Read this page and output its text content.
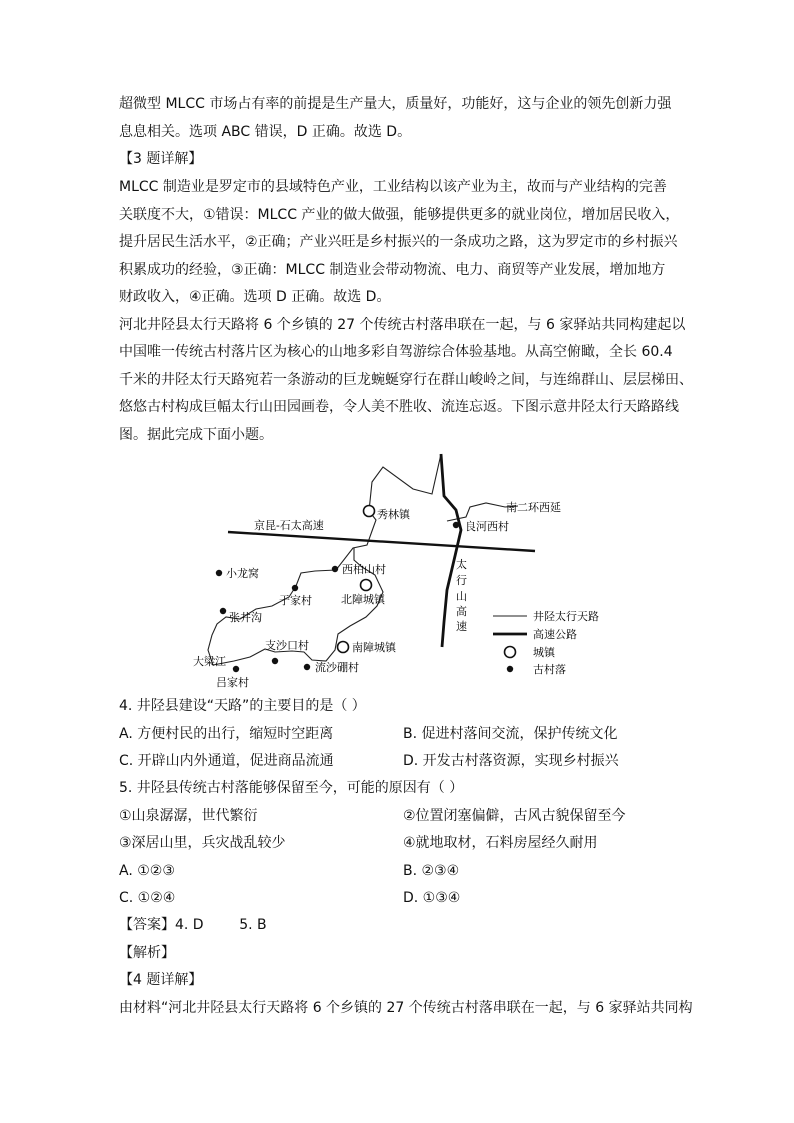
超微型 MLCC 市场占有率的前提是生产量大，质量好，功能好，这与企业的领先创新力强
息息相关。选项 ABC 错误，D 正确。故选 D。
【3 题详解】
MLCC 制造业是罗定市的县域特色产业，工业结构以该产业为主，故而与产业结构的完善
关联度不大，①错误：MLCC 产业的做大做强，能够提供更多的就业岗位，增加居民收入，
提升居民生活水平，②正确；产业兴旺是乡村振兴的一条成功之路，这为罗定市的乡村振兴
积累成功的经验，③正确：MLCC 制造业会带动物流、电力、商贸等产业发展，增加地方
财政收入，④正确。选项 D 正确。故选 D。
河北井陉县太行天路将 6 个乡镇的 27 个传统古村落串联在一起，与 6 家驿站共同构建起以
中国唯一传统古村落片区为核心的山地多彩自驾游综合体验基地。从高空俯瞰，全长 60.4
千米的井陉太行天路宛若一条游动的巨龙蜿蜒穿行在群山峻岭之间，与连绵群山、层层梯田、
悠悠古村构成巨幅太行山田园画卷，令人美不胜收、流连忘返。下图示意井陉太行天路路线
图。据此完成下面小题。
秀林镇
南二环西延
良河西村
京昆-石太高速
西柏山村
小龙窝
于家村	北障城镇
张井沟
支沙口村	南障城镇
大梁江	流沙硼村
吕家村
太
行
山
高
速
井陉太行天路
高速公路
城镇
古村落
4. 井陉县建设“天路”的主要目的是（ ）
A. 方便村民的出行，缩短时空距离	B. 促进村落间交流，保护传统文化
C. 开辟山内外通道，促进商品流通	D. 开发古村落资源，实现乡村振兴
5. 井陉县传统古村落能够保留至今，可能的原因有（ ）
①山泉潺潺，世代繁衍	②位置闭塞偏僻，古风古貌保留至今
③深居山里，兵灾战乱较少	④就地取材，石料房屋经久耐用
A. ①②③	B. ②③④
C. ①②④	D. ①③④
【答案】4. D        5. B
【解析】
【4 题详解】
由材料“河北井陉县太行天路将 6 个乡镇的 27 个传统古村落串联在一起，与 6 家驿站共同构
